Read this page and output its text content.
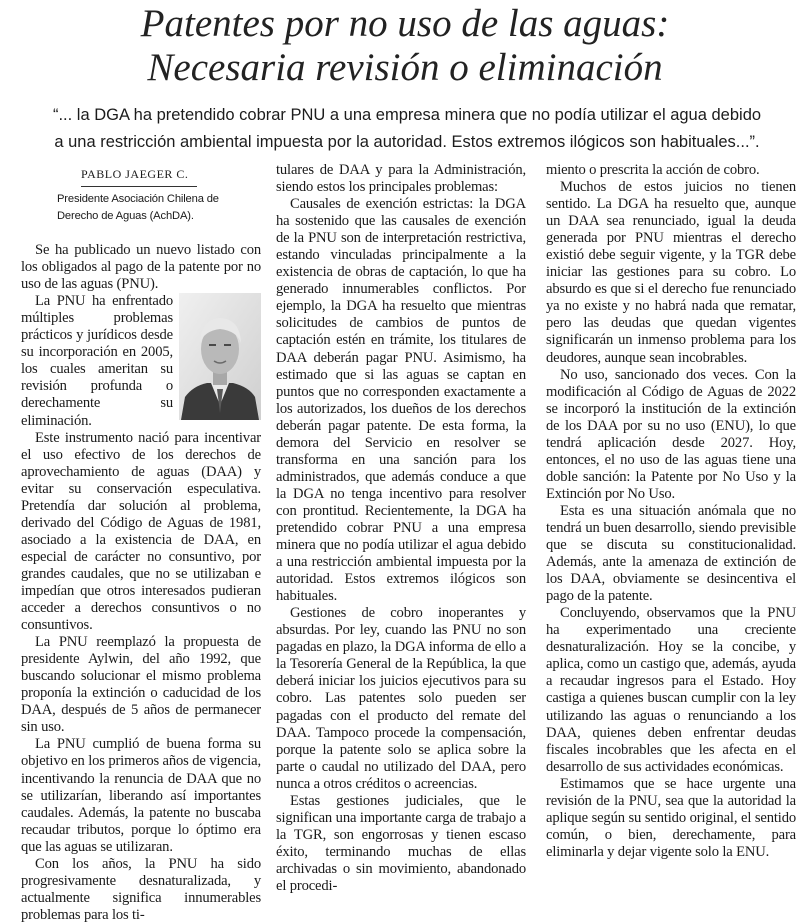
Patentes por no uso de las aguas:
Necesaria revisión o eliminación
“... la DGA ha pretendido cobrar PNU a una empresa minera que no podía utilizar el agua debido
a una restricción ambiental impuesta por la autoridad. Estos extremos ilógicos son habituales...”.
PABLO JAEGER C.
Presidente Asociación Chilena de Derecho de Aguas (AchDA).

Se ha publicado un nuevo listado con los obligados al pago de la patente por no uso de las aguas (PNU).

La PNU ha enfrentado múltiples problemas prácticos y jurídicos desde su incorporación en 2005, los cuales ameritan su revisión profunda o derechamente su eliminación.

Este instrumento nació para incentivar el uso efectivo de los derechos de aprovechamiento de aguas (DAA) y evitar su conservación especulativa. Pretendía dar solución al problema, derivado del Código de Aguas de 1981, asociado a la existencia de DAA, en especial de carácter no consuntivo, por grandes caudales, que no se utilizaban e impedían que otros interesados pudieran acceder a derechos consuntivos o no consuntivos.

La PNU reemplazó la propuesta de presidente Aylwin, del año 1992, que buscando solucionar el mismo problema proponía la extinción o caducidad de los DAA, después de 5 años de permanecer sin uso.

La PNU cumplió de buena forma su objetivo en los primeros años de vigencia, incentivando la renuncia de DAA que no se utilizarían, liberando así importantes caudales. Además, la patente no buscaba recaudar tributos, porque lo óptimo era que las aguas se utilizaran.

Con los años, la PNU ha sido progresivamente desnaturalizada, y actualmente significa innumerables problemas para los ti-

tulares de DAA y para la Administración, siendo estos los principales problemas:

Causales de exención estrictas: la DGA ha sostenido que las causales de exención de la PNU son de interpretación restrictiva, estando vinculadas principalmente a la existencia de obras de captación, lo que ha generado innumerables conflictos. Por ejemplo, la DGA ha resuelto que mientras solicitudes de cambios de puntos de captación estén en trámite, los titulares de DAA deberán pagar PNU. Asimismo, ha estimado que si las aguas se captan en puntos que no corresponden exactamente a los autorizados, los dueños de los derechos deberán pagar patente. De esta forma, la demora del Servicio en resolver se transforma en una sanción para los administrados, que además conduce a que la DGA no tenga incentivo para resolver con prontitud. Recientemente, la DGA ha pretendido cobrar PNU a una empresa minera que no podía utilizar el agua debido a una restricción ambiental impuesta por la autoridad. Estos extremos ilógicos son habituales.

Gestiones de cobro inoperantes y absurdas. Por ley, cuando las PNU no son pagadas en plazo, la DGA informa de ello a la Tesorería General de la República, la que deberá iniciar los juicios ejecutivos para su cobro. Las patentes solo pueden ser pagadas con el producto del remate del DAA. Tampoco procede la compensación, porque la patente solo se aplica sobre la parte o caudal no utilizado del DAA, pero nunca a otros créditos o acreencias.

Estas gestiones judiciales, que le significan una importante carga de trabajo a la TGR, son engorrosas y tienen escaso éxito, terminando muchas de ellas archivadas o sin movimiento, abandonado el procedi-

miento o prescrita la acción de cobro.

Muchos de estos juicios no tienen sentido. La DGA ha resuelto que, aunque un DAA sea renunciado, igual la deuda generada por PNU mientras el derecho existió debe seguir vigente, y la TGR debe iniciar las gestiones para su cobro. Lo absurdo es que si el derecho fue renunciado ya no existe y no habrá nada que rematar, pero las deudas que quedan vigentes significarán un inmenso problema para los deudores, aunque sean incobrables.

No uso, sancionado dos veces. Con la modificación al Código de Aguas de 2022 se incorporó la institución de la extinción de los DAA por su no uso (ENU), lo que tendrá aplicación desde 2027. Hoy, entonces, el no uso de las aguas tiene una doble sanción: la Patente por No Uso y la Extinción por No Uso.

Esta es una situación anómala que no tendrá un buen desarrollo, siendo previsible que se discuta su constitucionalidad. Además, ante la amenaza de extinción de los DAA, obviamente se desincentiva el pago de la patente.

Concluyendo, observamos que la PNU ha experimentado una creciente desnaturalización. Hoy se la concibe, y aplica, como un castigo que, además, ayuda a recaudar ingresos para el Estado. Hoy castiga a quienes buscan cumplir con la ley utilizando las aguas o renunciando a los DAA, quienes deben enfrentar deudas fiscales incobrables que les afecta en el desarrollo de sus actividades económicas.

Estimamos que se hace urgente una revisión de la PNU, sea que la autoridad la aplique según su sentido original, el sentido común, o bien, derechamente, para eliminarla y dejar vigente solo la ENU.
